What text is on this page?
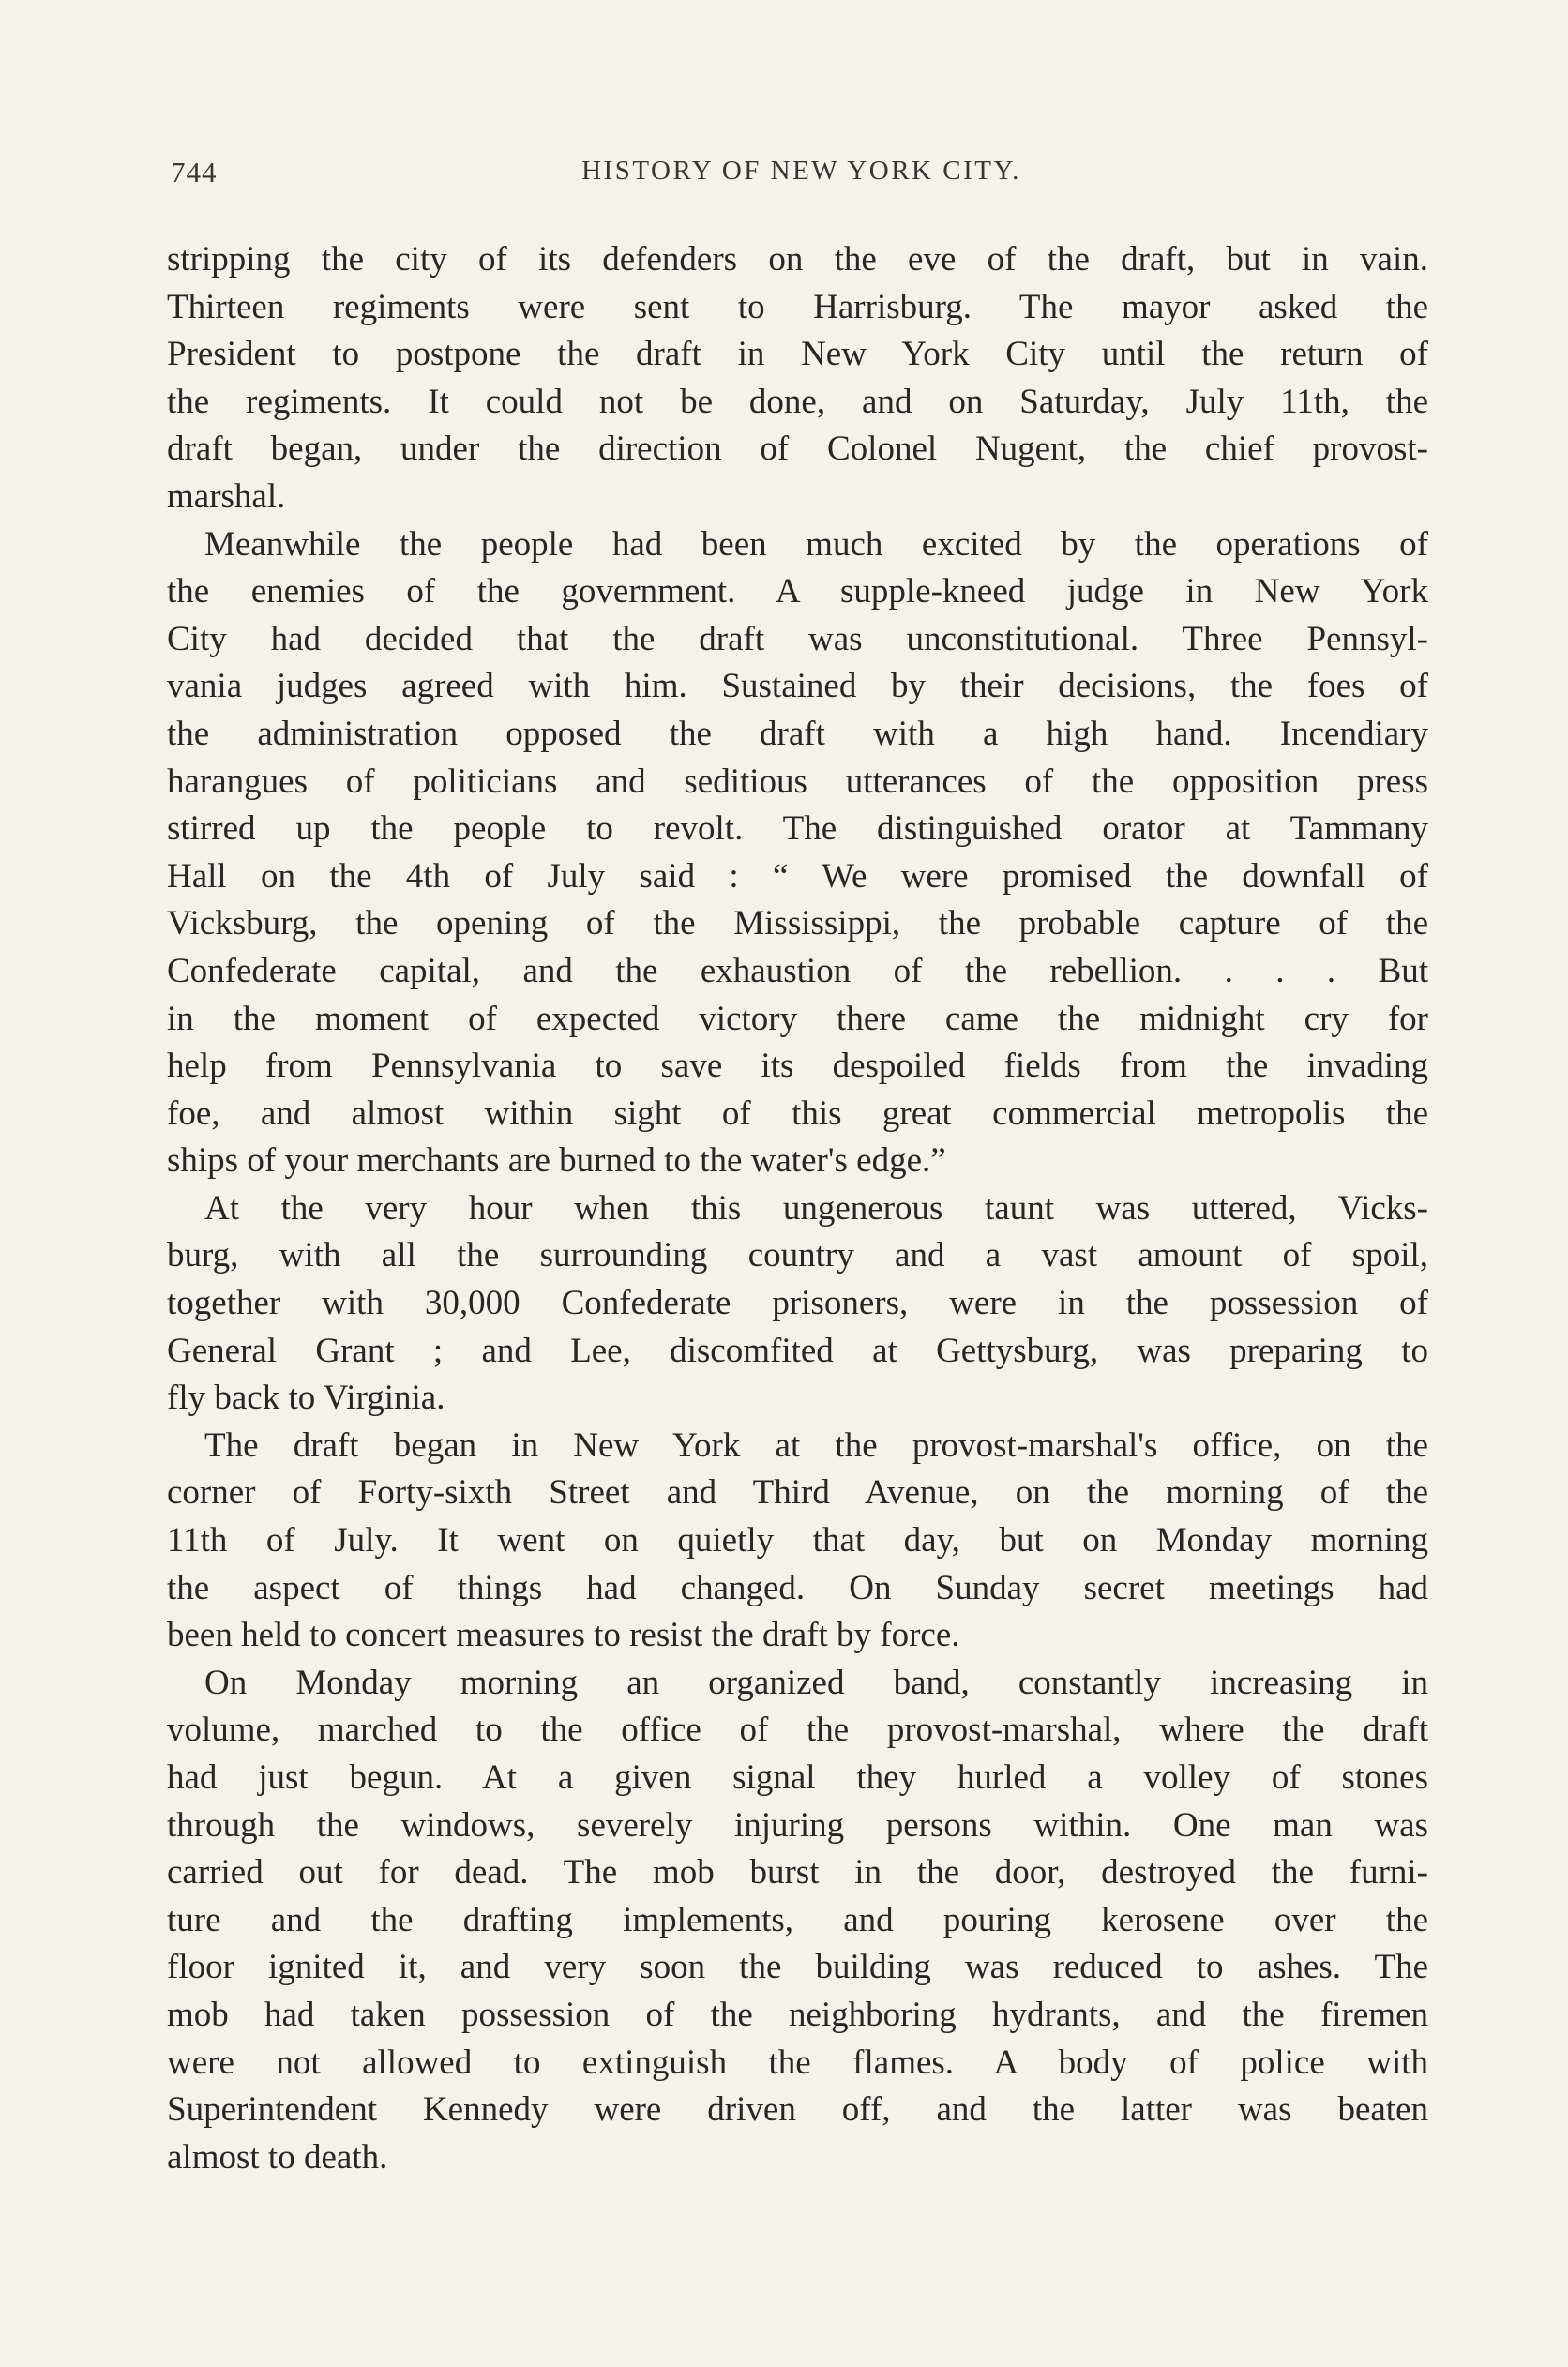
744	HISTORY OF NEW YORK CITY.
stripping the city of its defenders on the eve of the draft, but in vain.
Thirteen regiments were sent to Harrisburg. The mayor asked the
President to postpone the draft in New York City until the return of
the regiments. It could not be done, and on Saturday, July 11th, the
draft began, under the direction of Colonel Nugent, the chief provost-
marshal.
Meanwhile the people had been much excited by the operations of
the enemies of the government. A supple-kneed judge in New York
City had decided that the draft was unconstitutional. Three Pennsyl-
vania judges agreed with him. Sustained by their decisions, the foes of
the administration opposed the draft with a high hand. Incendiary
harangues of politicians and seditious utterances of the opposition press
stirred up the people to revolt. The distinguished orator at Tammany
Hall on the 4th of July said : “ We were promised the downfall of
Vicksburg, the opening of the Mississippi, the probable capture of the
Confederate capital, and the exhaustion of the rebellion. . . . But
in the moment of expected victory there came the midnight cry for
help from Pennsylvania to save its despoiled fields from the invading
foe, and almost within sight of this great commercial metropolis the
ships of your merchants are burned to the water's edge.”
At the very hour when this ungenerous taunt was uttered, Vicks-
burg, with all the surrounding country and a vast amount of spoil,
together with 30,000 Confederate prisoners, were in the possession of
General Grant ; and Lee, discomfited at Gettysburg, was preparing to
fly back to Virginia.
The draft began in New York at the provost-marshal's office, on the
corner of Forty-sixth Street and Third Avenue, on the morning of the
11th of July. It went on quietly that day, but on Monday morning
the aspect of things had changed. On Sunday secret meetings had
been held to concert measures to resist the draft by force.
On Monday morning an organized band, constantly increasing in
volume, marched to the office of the provost-marshal, where the draft
had just begun. At a given signal they hurled a volley of stones
through the windows, severely injuring persons within. One man was
carried out for dead. The mob burst in the door, destroyed the furni-
ture and the drafting implements, and pouring kerosene over the
floor ignited it, and very soon the building was reduced to ashes. The
mob had taken possession of the neighboring hydrants, and the firemen
were not allowed to extinguish the flames. A body of police with
Superintendent Kennedy were driven off, and the latter was beaten
almost to death.
